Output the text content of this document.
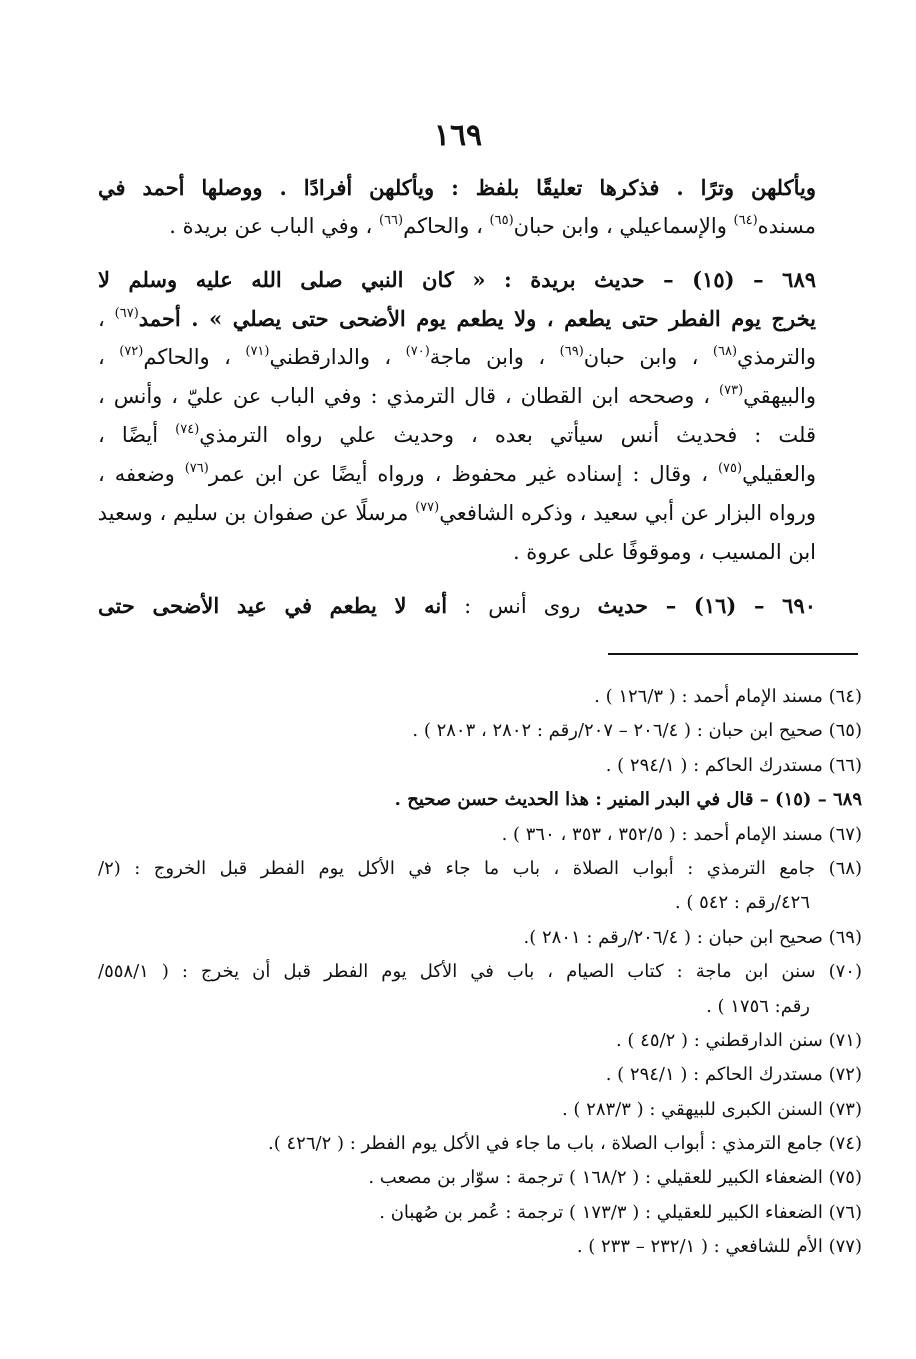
١٦٩
ويأكلهن وترًا . فذكرها تعليقًا بلفظ : ويأكلهن أفرادًا . ووصلها أحمد في
مسنده$^{(٦٤)}$ والإسماعيلي ، وابن حبان$^{(٦٥)}$ ، والحاكم$^{(٦٦)}$ ، وفي الباب عن بريدة .
٦٨٩ – (١٥) – حديث بريدة : « كان النبي صلى الله عليه وسلم لا
يخرج يوم الفطر حتى يطعم ، ولا يطعم يوم الأضحى حتى يصلي » . أحمد$^{(٦٧)}$ ،
والترمذي$^{(٦٨)}$ ، وابن حبان$^{(٦٩)}$ ، وابن ماجة$^{(٧٠)}$ ، والدارقطني$^{(٧١)}$ ، والحاكم$^{(٧٢)}$ ،
والبيهقي$^{(٧٣)}$ ، وصححه ابن القطان ، قال الترمذي : وفي الباب عن عليّ ، وأنس ،
قلت : فحديث أنس سيأتي بعده ، وحديث علي رواه الترمذي$^{(٧٤)}$ أيضًا ،
والعقيلي$^{(٧٥)}$ ، وقال : إسناده غير محفوظ ، ورواه أيضًا عن ابن عمر$^{(٧٦)}$ وضعفه ،
ورواه البزار عن أبي سعيد ، وذكره الشافعي$^{(٧٧)}$ مرسلًا عن صفوان بن سليم ، وسعيد
ابن المسيب ، وموقوفًا على عروة .
٦٩٠ – (١٦) – حديث روى أنس : أنه لا يطعم في عيد الأضحى حتى
(٦٤) مسند الإمام أحمد : ( ١٢٦/٣ ) .
(٦٥) صحيح ابن حبان : ( ٢٠٦/٤ – ٢٠٧/رقم : ٢٨٠٢ ، ٢٨٠٣ ) .
(٦٦) مستدرك الحاكم : ( ٢٩٤/١ ) .
٦٨٩ – (١٥) – قال في البدر المنير : هذا الحديث حسن صحيح .
(٦٧) مسند الإمام أحمد : ( ٣٥٢/٥ ، ٣٥٣ ، ٣٦٠ ) .
(٦٨) جامع الترمذي : أبواب الصلاة ، باب ما جاء في الأكل يوم الفطر قبل الخروج : (٢/
٤٢٦/رقم : ٥٤٢ ) .
(٦٩) صحيح ابن حبان : ( ٢٠٦/٤/رقم : ٢٨٠١ ).
(٧٠) سنن ابن ماجة : كتاب الصيام ، باب في الأكل يوم الفطر قبل أن يخرج : ( ٥٥٨/١/
رقم: ١٧٥٦ ) .
(٧١) سنن الدارقطني : ( ٤٥/٢ ) .
(٧٢) مستدرك الحاكم : ( ٢٩٤/١ ) .
(٧٣) السنن الكبرى للبيهقي : ( ٢٨٣/٣ ) .
(٧٤) جامع الترمذي : أبواب الصلاة ، باب ما جاء في الأكل يوم الفطر : ( ٤٢٦/٢ ).
(٧٥) الضعفاء الكبير للعقيلي : ( ١٦٨/٢ ) ترجمة : سوّار بن مصعب .
(٧٦) الضعفاء الكبير للعقيلي : ( ١٧٣/٣ ) ترجمة : عُمر بن صُهبان .
(٧٧) الأم للشافعي : ( ٢٣٢/١ – ٢٣٣ ) .
